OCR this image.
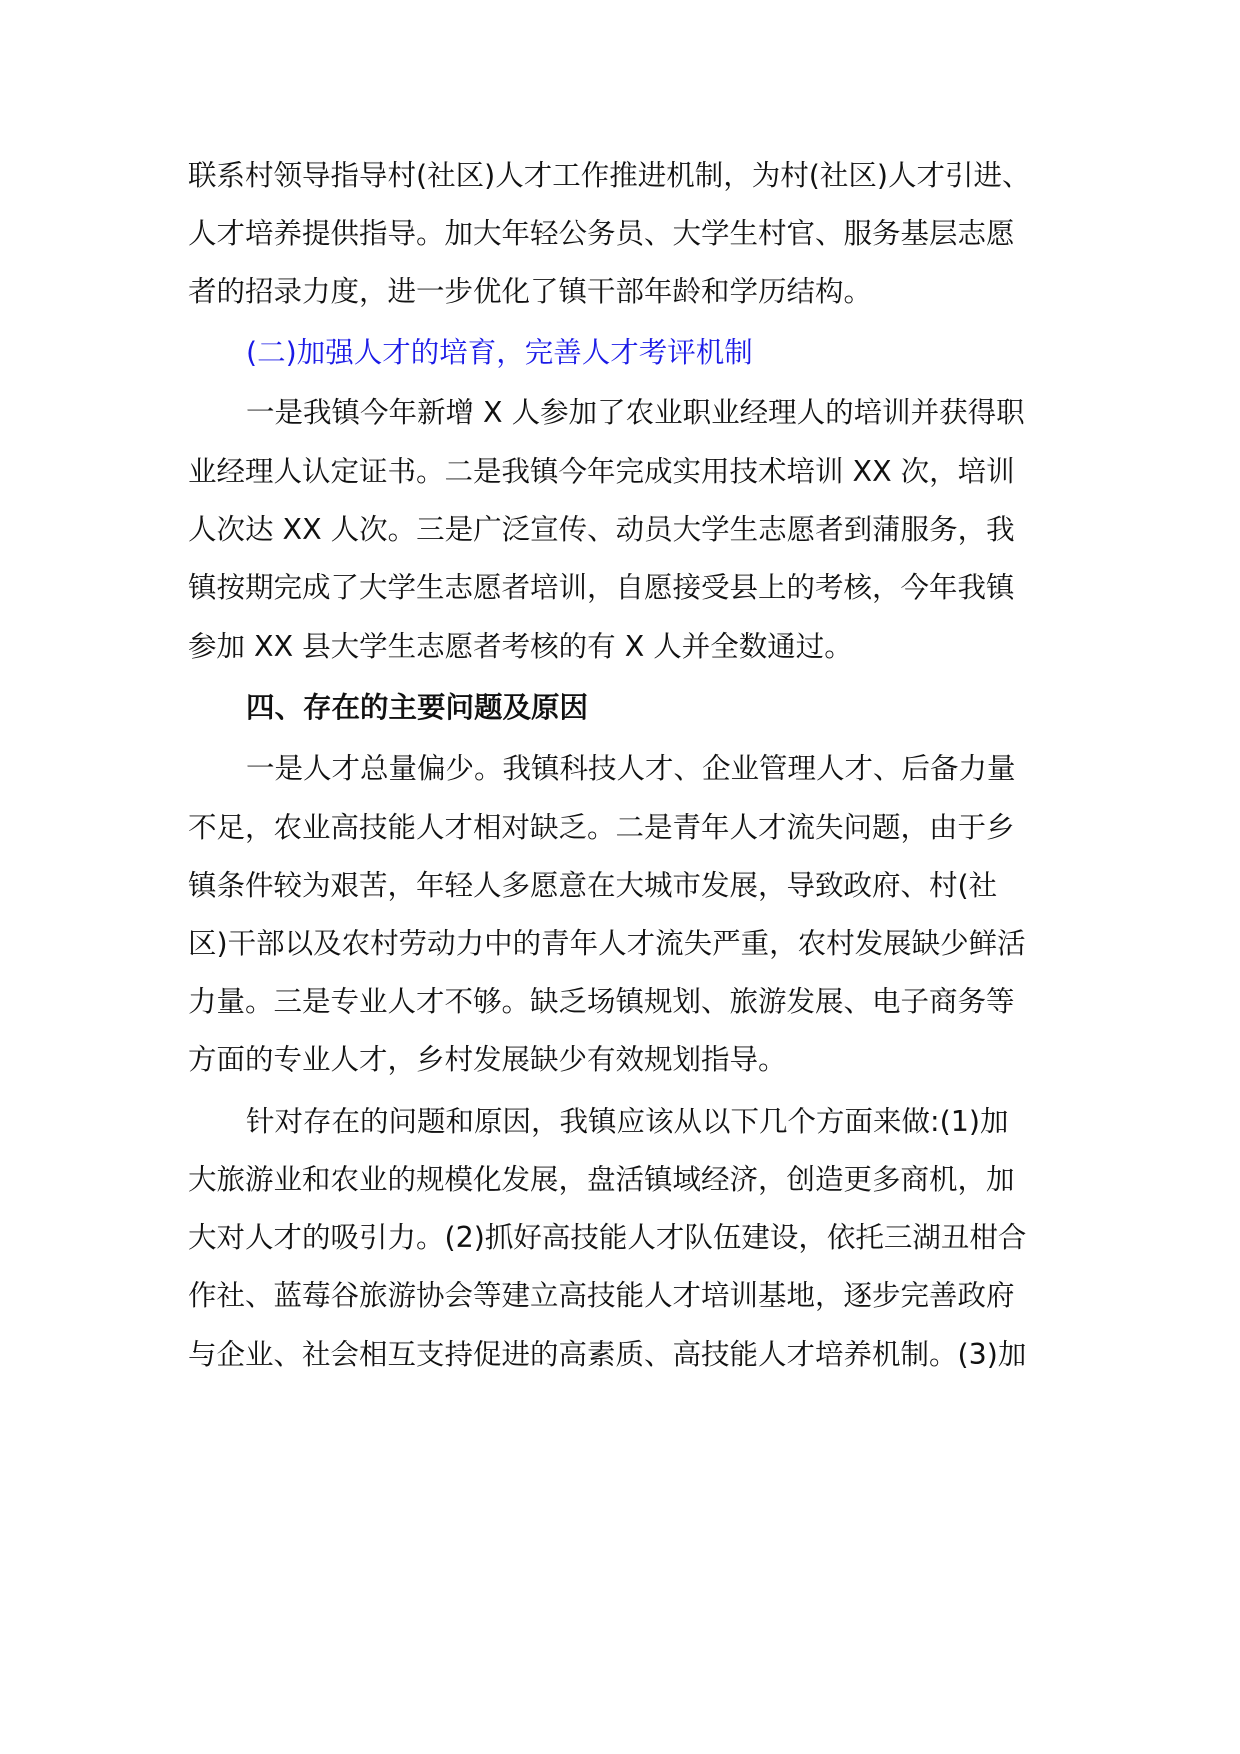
联系村领导指导村(社区)人才工作推进机制，为村(社区)人才引进、
人才培养提供指导。加大年轻公务员、大学生村官、服务基层志愿
者的招录力度，进一步优化了镇干部年龄和学历结构。
(二)加强人才的培育，完善人才考评机制
一是我镇今年新增 X 人参加了农业职业经理人的培训并获得职
业经理人认定证书。二是我镇今年完成实用技术培训 XX 次，培训
人次达 XX 人次。三是广泛宣传、动员大学生志愿者到蒲服务，我
镇按期完成了大学生志愿者培训，自愿接受县上的考核，今年我镇
参加 XX 县大学生志愿者考核的有 X 人并全数通过。
四、存在的主要问题及原因
一是人才总量偏少。我镇科技人才、企业管理人才、后备力量
不足，农业高技能人才相对缺乏。二是青年人才流失问题，由于乡
镇条件较为艰苦，年轻人多愿意在大城市发展，导致政府、村(社
区)干部以及农村劳动力中的青年人才流失严重，农村发展缺少鲜活
力量。三是专业人才不够。缺乏场镇规划、旅游发展、电子商务等
方面的专业人才，乡村发展缺少有效规划指导。
针对存在的问题和原因，我镇应该从以下几个方面来做:(1)加
大旅游业和农业的规模化发展，盘活镇域经济，创造更多商机，加
大对人才的吸引力。(2)抓好高技能人才队伍建设，依托三湖丑柑合
作社、蓝莓谷旅游协会等建立高技能人才培训基地，逐步完善政府
与企业、社会相互支持促进的高素质、高技能人才培养机制。(3)加
